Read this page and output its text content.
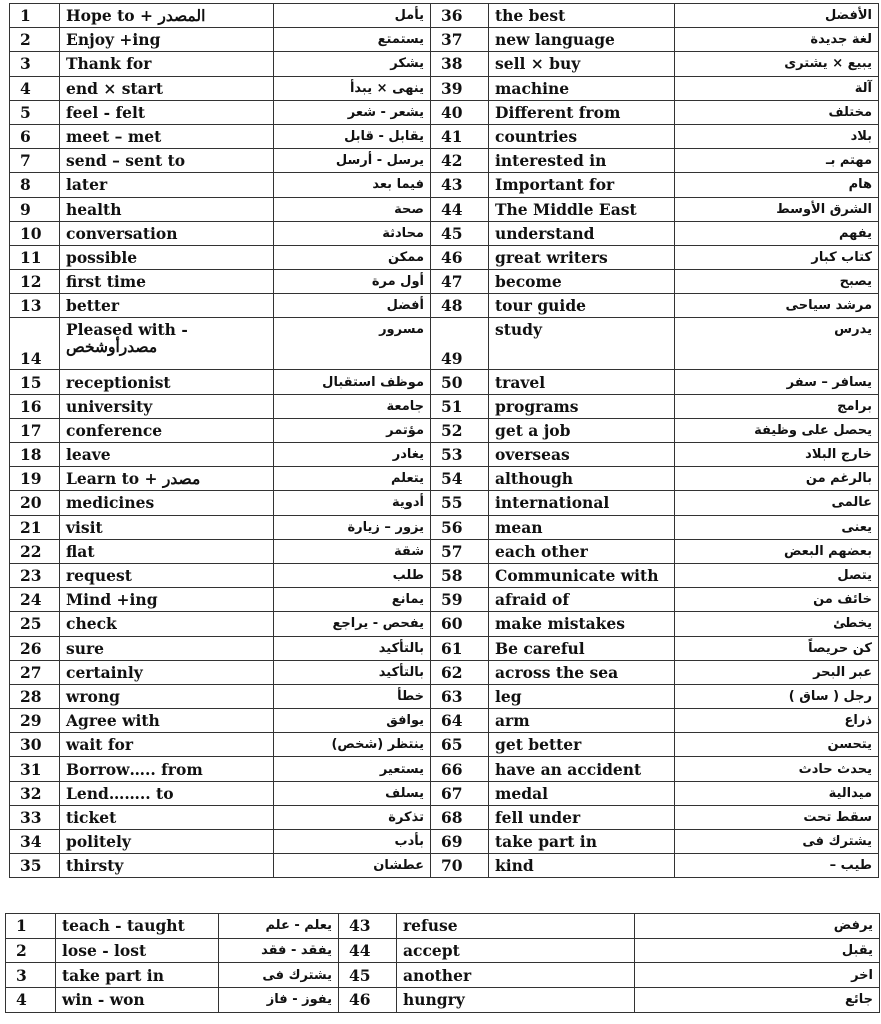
1	Hope to + المصدر	يأمل	36	the best	الأفضل
2	Enjoy +ing	يستمتع	37	new language	لغة جديدة
3	Thank for	يشكر	38	sell × buy	يبيع × يشترى
4	end × start	ينهى × يبدأ	39	machine	آلة
5	feel - felt	يشعر - شعر	40	Different from	مختلف
6	meet – met	يقابل - قابل	41	countries	بلاد
7	send – sent to	يرسل - أرسل	42	interested in	مهتم بـ
8	later	فيما بعد	43	Important for	هام
9	health	صحة	44	The Middle East	الشرق الأوسط
10	conversation	محادثة	45	understand	يفهم
11	possible	ممكن	46	great writers	كتاب كبار
12	first time	أول مرة	47	become	يصبح
13	better	أفضل	48	tour guide	مرشد سياحى
14	Pleased with - مصدرأوشخص	مسرور	49	study	يدرس
15	receptionist	موظف استقبال	50	travel	يسافر – سفر
16	university	جامعة	51	programs	برامج
17	conference	مؤتمر	52	get a job	يحصل على وظيفة
18	leave	يغادر	53	overseas	خارج البلاد
19	Learn to + مصدر	يتعلم	54	although	بالرغم من
20	medicines	أدوية	55	international	عالمى
21	visit	يزور – زيارة	56	mean	يعنى
22	flat	شقة	57	each other	بعضهم البعض
23	request	طلب	58	Communicate with	يتصل
24	Mind +ing	يمانع	59	afraid of	خائف من
25	check	يفحص - يراجع	60	make mistakes	يخطئ
26	sure	بالتأكيد	61	Be careful	كن حريصاً
27	certainly	بالتأكيد	62	across the sea	عبر البحر
28	wrong	خطأ	63	leg	رجل ( ساق )
29	Agree with	يوافق	64	arm	ذراع
30	wait for	ينتظر (شخص)	65	get better	يتحسن
31	Borrow….. from	يستعير	66	have an accident	يحدث حادث
32	Lend…….. to	يسلف	67	medal	ميدالية
33	ticket	تذكرة	68	fell under	سقط تحت
34	politely	بأدب	69	take part in	يشترك فى
35	thirsty	عطشان	70	kind	طيب –
1	teach - taught	يعلم - علم	43	refuse	يرفض
2	lose - lost	يفقد - فقد	44	accept	يقبل
3	take part in	يشترك فى	45	another	اخر
4	win - won	يفوز - فاز	46	hungry	جائع
